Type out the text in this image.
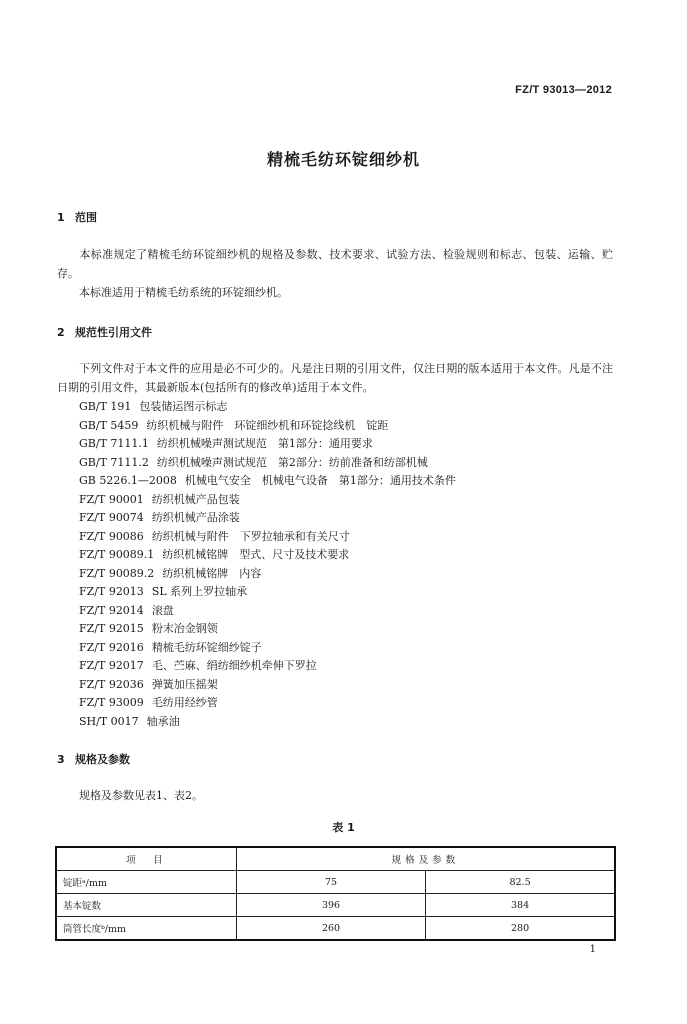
FZ/T 93013—2012
精梳毛纺环锭细纱机
1 范围
本标准规定了精梳毛纺环锭细纱机的规格及参数、技术要求、试验方法、检验规则和标志、包装、运输、贮存。
本标准适用于精梳毛纺系统的环锭细纱机。
2 规范性引用文件
下列文件对于本文件的应用是必不可少的。凡是注日期的引用文件，仅注日期的版本适用于本文件。凡是不注日期的引用文件，其最新版本(包括所有的修改单)适用于本文件。
GB/T 191 包装储运图示标志
GB/T 5459 纺织机械与附件　环锭细纱机和环锭捻线机　锭距
GB/T 7111.1 纺织机械噪声测试规范　第1部分：通用要求
GB/T 7111.2 纺织机械噪声测试规范　第2部分：纺前准备和纺部机械
GB 5226.1—2008 机械电气安全　机械电气设备　第1部分：通用技术条件
FZ/T 90001 纺织机械产品包装
FZ/T 90074 纺织机械产品涂装
FZ/T 90086 纺织机械与附件　下罗拉轴承和有关尺寸
FZ/T 90089.1 纺织机械铭牌　型式、尺寸及技术要求
FZ/T 90089.2 纺织机械铭牌　内容
FZ/T 92013 SL 系列上罗拉轴承
FZ/T 92014 滚盘
FZ/T 92015 粉末冶金钢领
FZ/T 92016 精梳毛纺环锭细纱锭子
FZ/T 92017 毛、苎麻、绢纺细纱机牵伸下罗拉
FZ/T 92036 弹簧加压摇架
FZ/T 93009 毛纺用经纱管
SH/T 0017 轴承油
3 规格及参数
规格及参数见表1、表2。
表 1
项　目	规格及参数	
锭距ᵃ/mm	75	82.5
基本锭数	396	384
筒管长度ᵇ/mm	260	280
1
